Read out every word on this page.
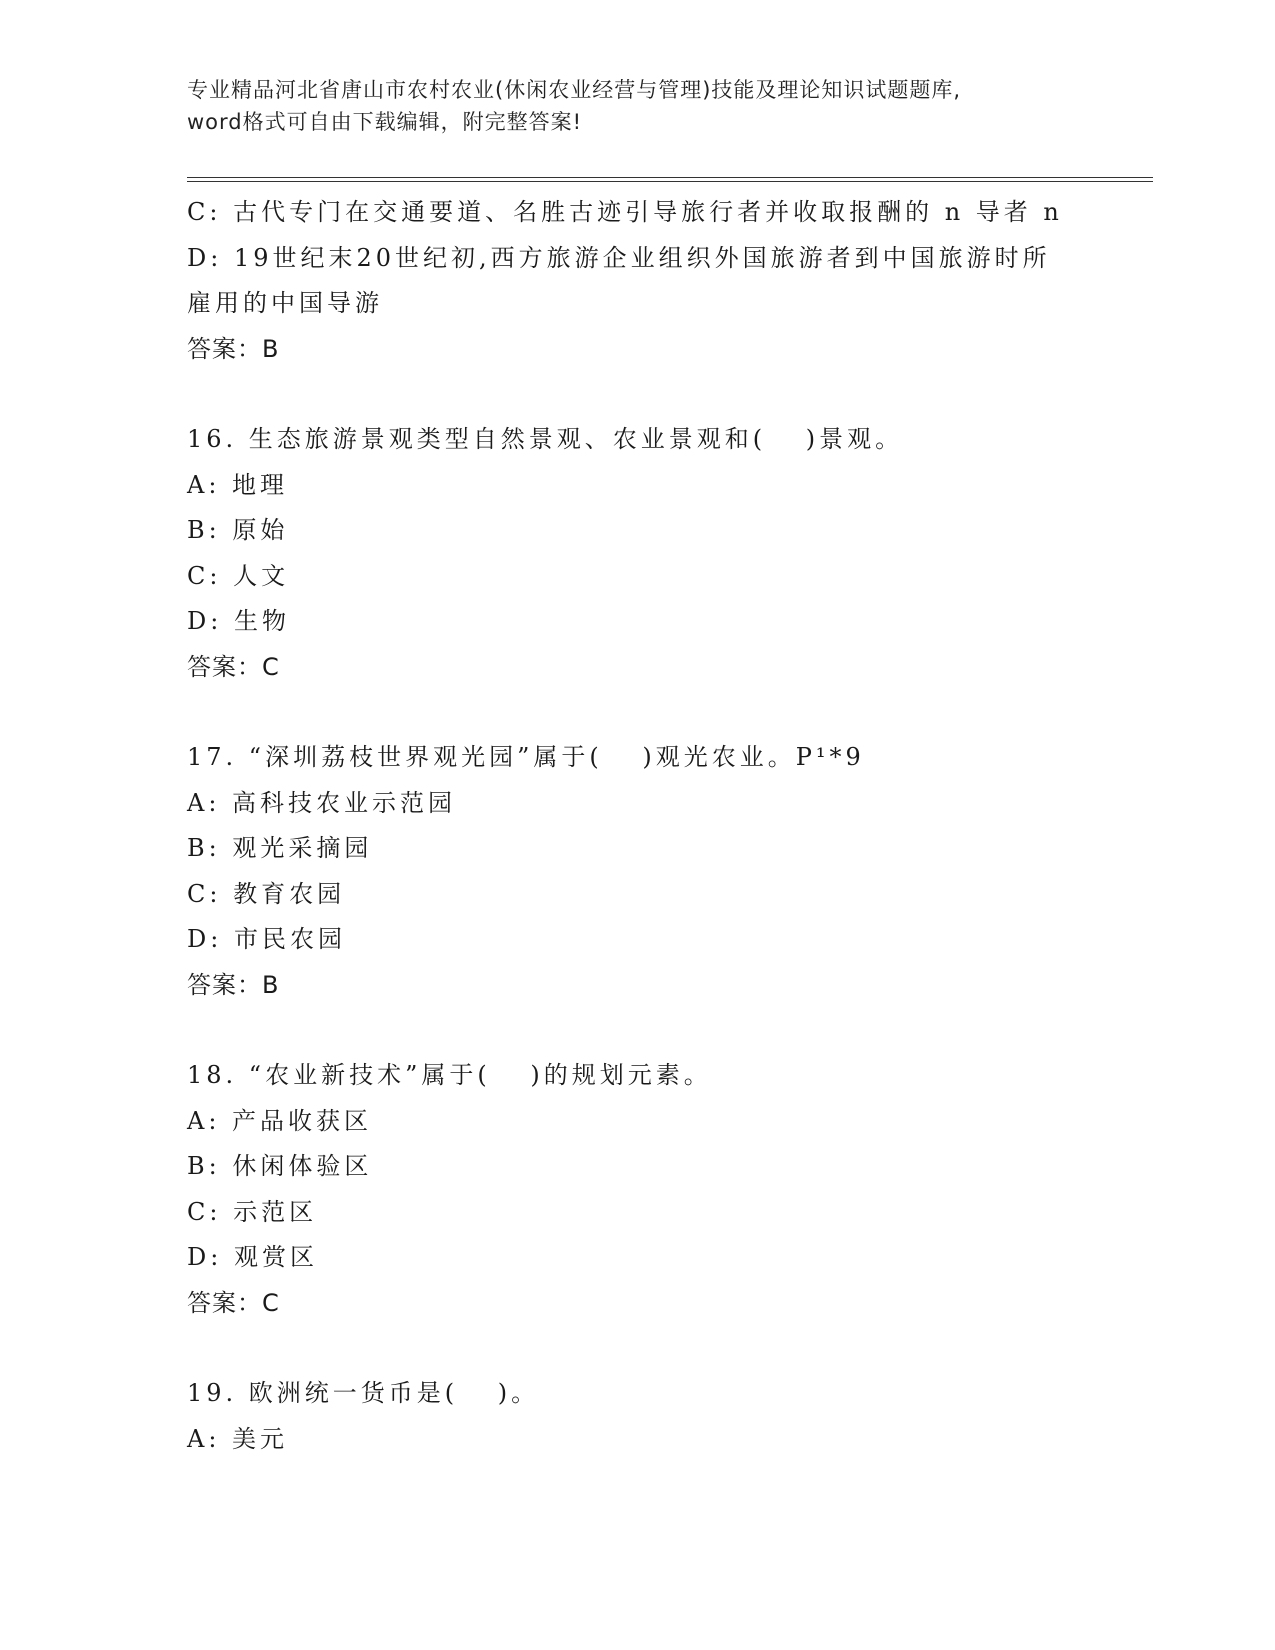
专业精品河北省唐山市农村农业(休闲农业经营与管理)技能及理论知识试题题库,
word格式可自由下载编辑，附完整答案!
C: 古代专门在交通要道、名胜古迹引导旅行者并收取报酬的 n 导者 n
D: 19世纪末20世纪初,西方旅游企业组织外国旅游者到中国旅游时所
雇用的中国导游
答案：B
16. 生态旅游景观类型自然景观、农业景观和(　 )景观。
A: 地理
B: 原始
C: 人文
D: 生物
答案：C
17. “深圳荔枝世界观光园”属于(　 )观光农业。P¹*9
A: 高科技农业示范园
B: 观光采摘园
C: 教育农园
D: 市民农园
答案：B
18. “农业新技术”属于(　 )的规划元素。
A: 产品收获区
B: 休闲体验区
C: 示范区
D: 观赏区
答案：C
19. 欧洲统一货币是(　 )。
A: 美元
